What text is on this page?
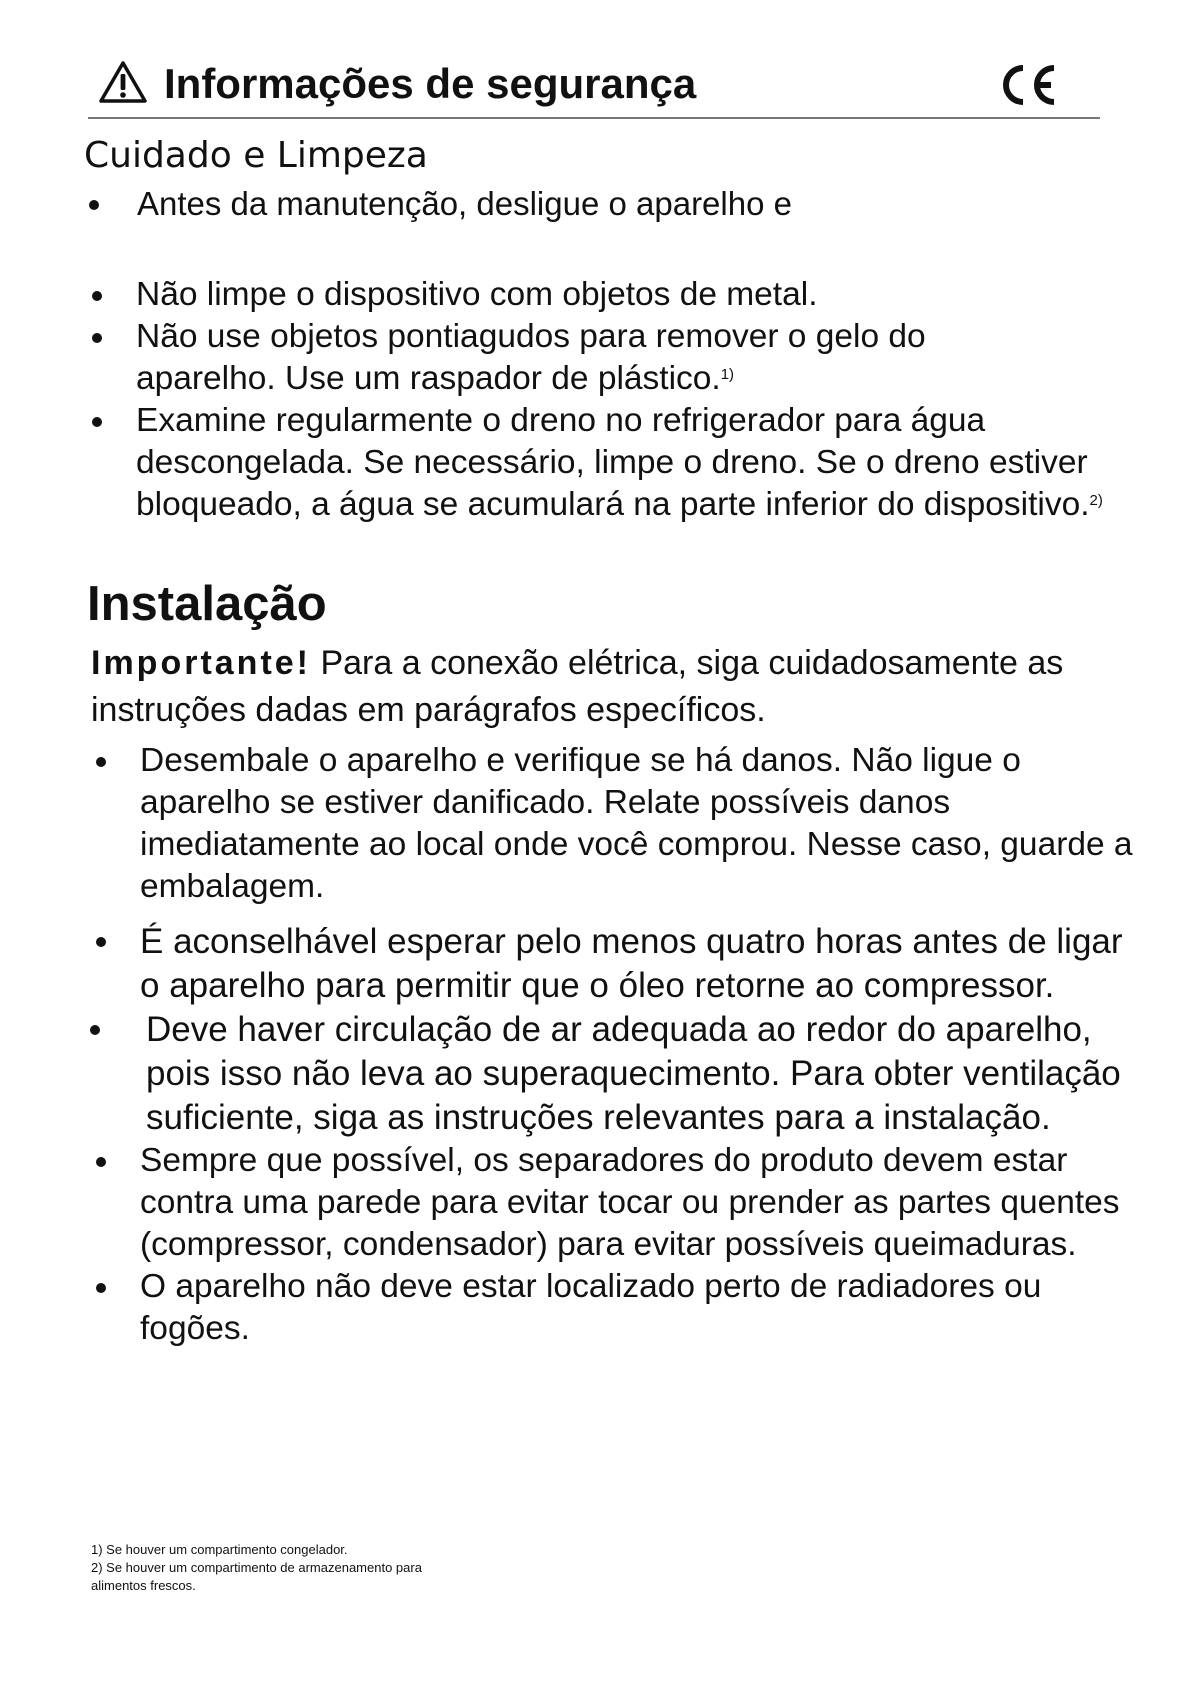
Informações de segurança
Cuidado e Limpeza
Antes da manutenção, desligue o aparelho e
Não limpe o dispositivo com objetos de metal.
Não use objetos pontiagudos para remover o gelo do aparelho. Use um raspador de plástico.$^{1)}$
Examine regularmente o dreno no refrigerador para água descongelada. Se necessário, limpe o dreno. Se o dreno estiver bloqueado, a água se acumulará na parte inferior do dispositivo.$^{2)}$
Instalação
Importante! Para a conexão elétrica, siga cuidadosamente as instruções dadas em parágrafos específicos.
Desembale o aparelho e verifique se há danos. Não ligue o aparelho se estiver danificado. Relate possíveis danos imediatamente ao local onde você comprou. Nesse caso, guarde a embalagem.
É aconselhável esperar pelo menos quatro horas antes de ligar o aparelho para permitir que o óleo retorne ao compressor.
Deve haver circulação de ar adequada ao redor do aparelho, pois isso não leva ao superaquecimento. Para obter ventilação suficiente, siga as instruções relevantes para a instalação.
Sempre que possível, os separadores do produto devem estar contra uma parede para evitar tocar ou prender as partes quentes (compressor, condensador) para evitar possíveis queimaduras.
O aparelho não deve estar localizado perto de radiadores ou fogões.
1) Se houver um compartimento congelador.
2) Se houver um compartimento de armazenamento para
alimentos frescos.
